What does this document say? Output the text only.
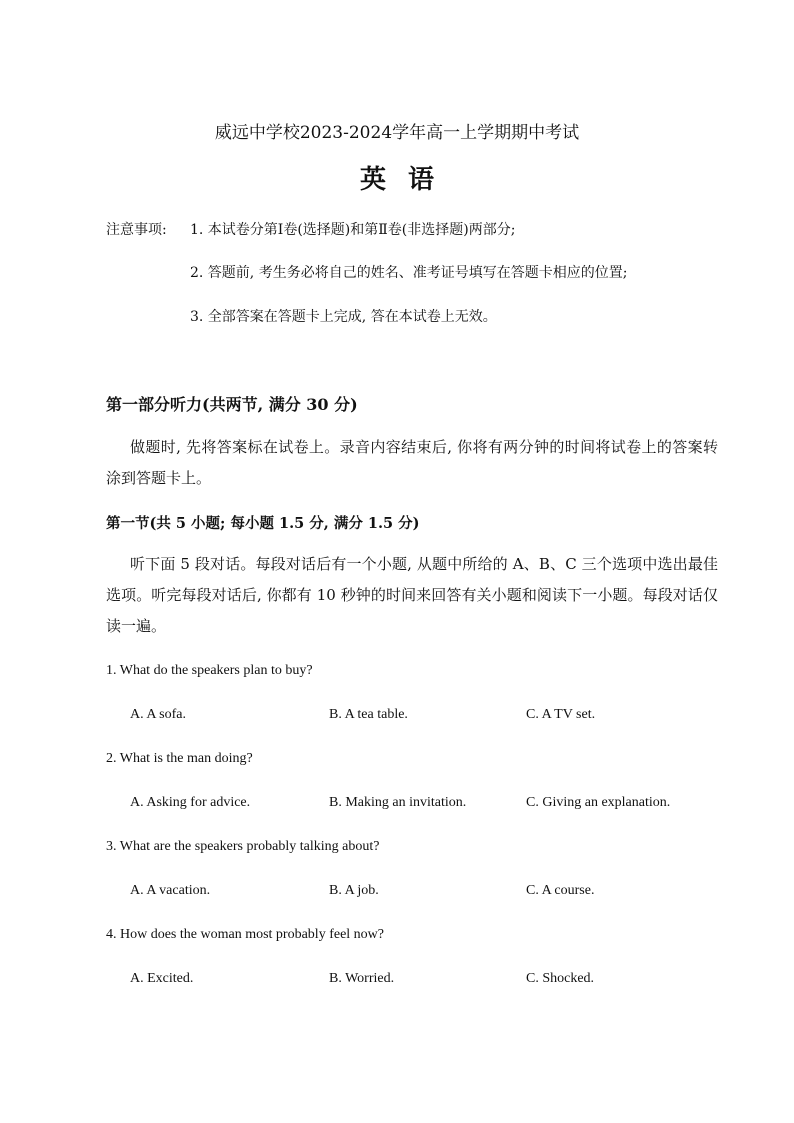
威远中学校2023-2024学年高一上学期期中考试
英语
注意事项: 1. 本试卷分第Ⅰ卷(选择题)和第Ⅱ卷(非选择题)两部分;
2. 答题前, 考生务必将自己的姓名、准考证号填写在答题卡相应的位置;
3. 全部答案在答题卡上完成, 答在本试卷上无效。
第一部分听力(共两节, 满分 30 分)
做题时, 先将答案标在试卷上。录音内容结束后, 你将有两分钟的时间将试卷上的答案转涂到答题卡上。
第一节(共 5 小题; 每小题 1.5 分, 满分 1.5 分)
听下面 5 段对话。每段对话后有一个小题, 从题中所给的 A、B、C 三个选项中选出最佳选项。听完每段对话后, 你都有 10 秒钟的时间来回答有关小题和阅读下一小题。每段对话仅读一遍。
1. What do the speakers plan to buy?
A. A sofa.	B. A tea table.	C. A TV set.
2. What is the man doing?
A. Asking for advice.	B. Making an invitation.	C. Giving an explanation.
3. What are the speakers probably talking about?
A. A vacation.	B. A job.	C. A course.
4. How does the woman most probably feel now?
A. Excited.	B. Worried.	C. Shocked.
